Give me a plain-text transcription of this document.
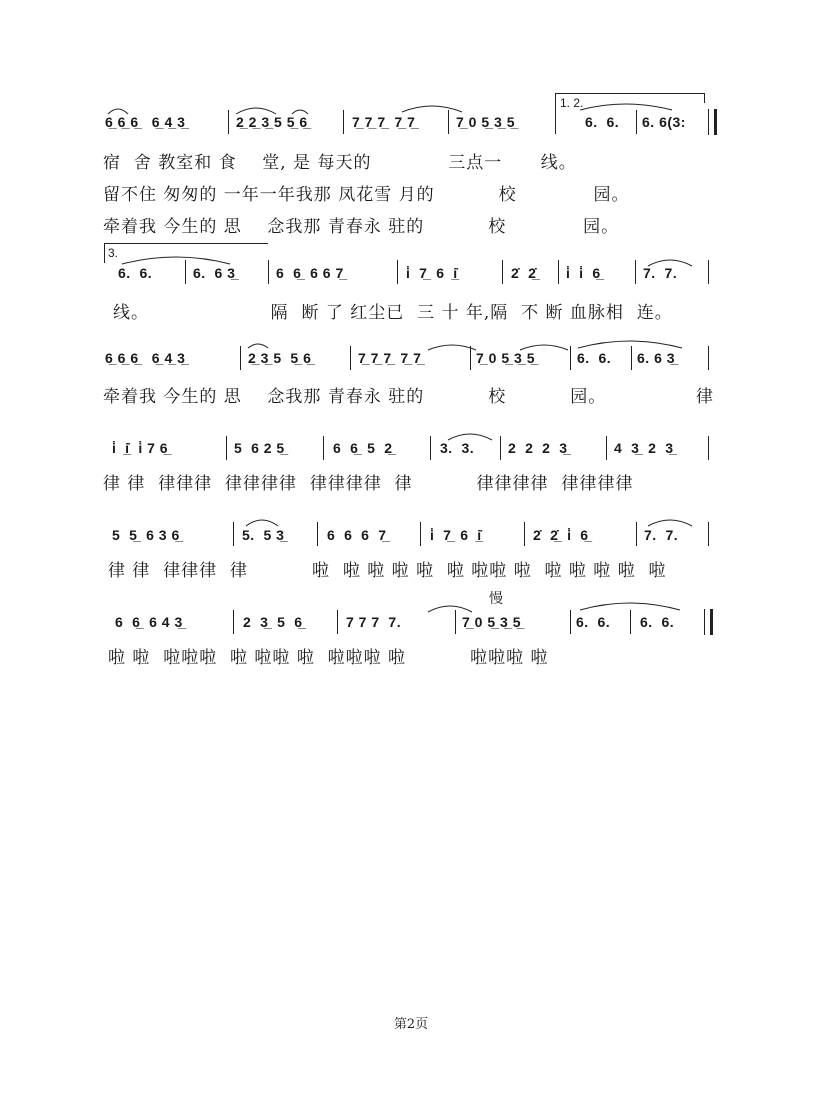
1. 2.
3.
慢
6̲ 6̲ 6̲   6̲ 4̲ 3̲	2̲ 2̲ 3̲ 5 5̲ 6̲	7̲ 7̲ 7̲  7̲ 7̲	7̲ 0 5̲ 3̲ 5̲	6.  6. 6. 6(3:
宿  舍 教室和 食    堂, 是 每天的            三点一      线。
留不住 匆匆的 一年一年我那 凤花雪 月的          校            园。
牵着我 今生的 思    念我那 青春永 驻的          校            园。
6.  6.	6.  6 3̲	6  6̲  6 6 7̲	i̇  7̲  6  i̲̇	2̇  2̲̇ i̇  i̇  6̲	7.  7.
线。                   隔  断 了 红尘已  三 十 年,隔  不 断 血脉相  连。
6̲ 6̲ 6̲   6̲ 4̲ 3̲	2̲ 3̲ 5  5̲ 6̲	7̲ 7̲ 7̲  7̲ 7̲	7̲ 0 5̲ 3̲ 5̲	6.  6. 6. 6 3̲
牵着我 今生的 思    念我那 青春永 驻的          校          园。              律
i̇  i̲̇  i̇ 7 6̲	5  6 2 5̲	6  6̲  5  2̲	3.  3. 2  2  2  3̲	4  3̲  2  3̲
律 律  律律律  律律律律  律律律律  律          律律律律  律律律律
5  5̲  6 3 6̲	5.  5 3̲	6  6  6  7̲	i̇  7̲  6  i̲̇	2̇  2̲̇  i̇  6̲	7.  7.
律 律  律律律  律          啦  啦 啦 啦 啦  啦 啦啦 啦  啦 啦 啦 啦  啦
6  6̲  6 4 3̲	2  3̲  5  6̲	7 7 7  7.	7̲ 0 5̲ 3̲ 5̲	6.  6. 6.  6.
啦 啦  啦啦啦  啦 啦啦 啦  啦啦啦 啦          啦啦啦 啦
第2页
